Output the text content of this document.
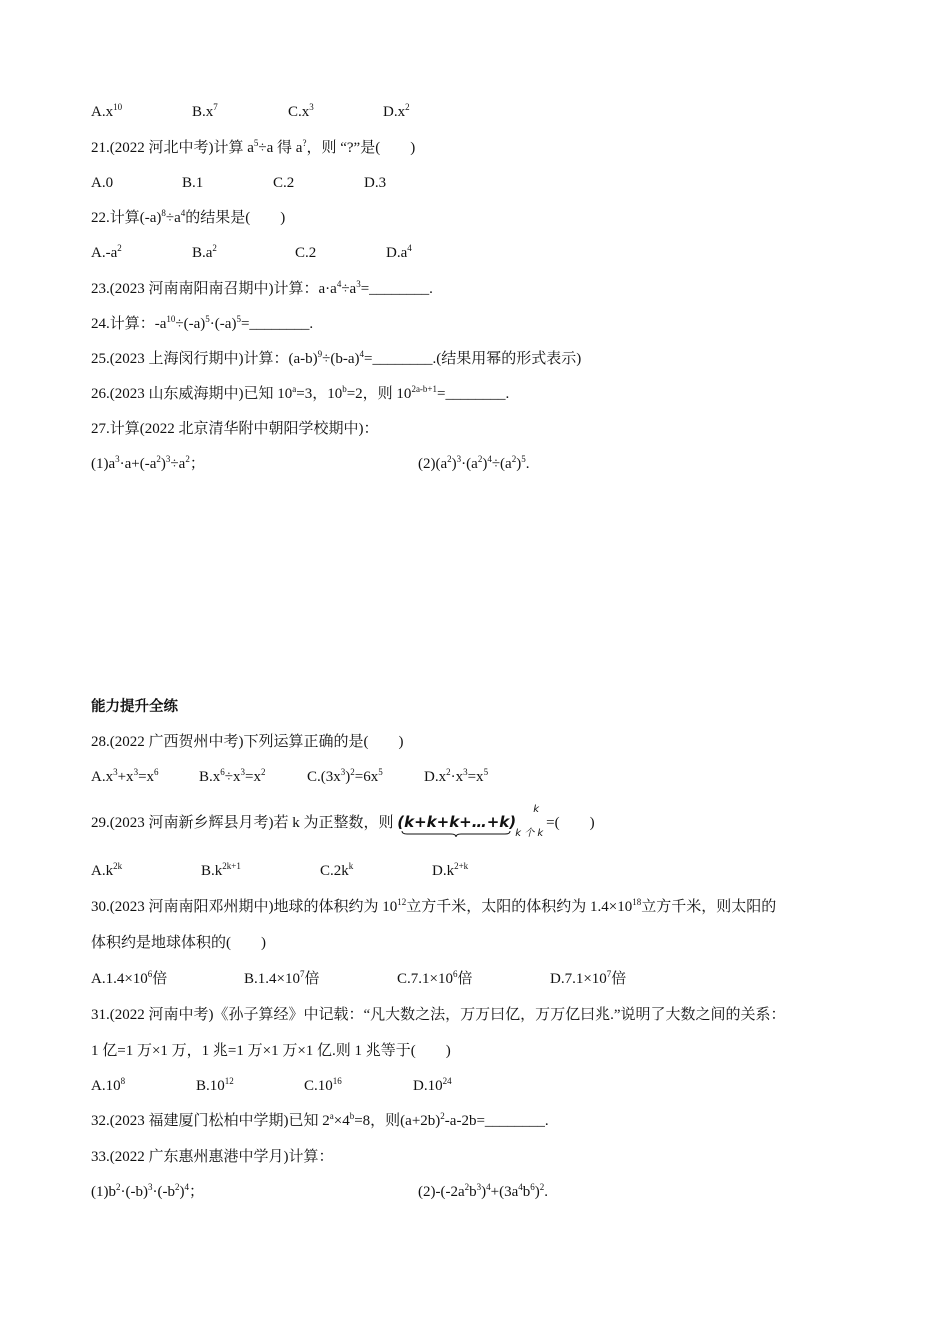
$A.x^{10}$	$B.x^7$	$C.x^3$	$D.x^2$
21.(2022 河北中考)计算 $a^5\div a$ 得 a?，则 “?”是(　　)
A.0	B.1	C.2	D.3
22.计算$(-a)^8\div a^4$的结果是(　　)
$A.-a^2$	$B.a^2$	C.2	$D.a^4$
23.(2023 河南南阳南召期中)计算：$a\cdot a^4\div a^3=\_\_\_\_\_\_\_\_$.
24.计算：$-a^{10}\div(-a)^5\cdot(-a)^5=\_\_\_\_\_\_\_\_$.
25.(2023 上海闵行期中)计算：$(a-b)^9\div(b-a)^4=\_\_\_\_\_\_\_\_$.(结果用幂的形式表示)
26.(2023 山东威海期中)已知 $10^a=3$，$10^b=2$，则 $10^{2a-b+1}=\_\_\_\_\_\_\_\_$.
27.计算(2022 北京清华附中朝阳学校期中)：
$(1)a^3\cdot a+(-a^2)^3\div a^2$；	$(2)(a^2)^3\cdot(a^2)^4\div(a^2)^5$.
能力提升全练
28.(2022 广西贺州中考)下列运算正确的是(　　)
$A.x^3+x^3=x^6$	$B.x^6\div x^3=x^2$	$C.(3x^3)^2=6x^5$	$D.x^2\cdot x^3=x^5$
29.(2023 河南新乡辉县月考)若 k 为正整数，则 (k+k+k+…+k)
k 个 k
k
=(　　)
$A.k^{2k}$	$B.k^{2k+1}$	$C.2k^k$	$D.k^{2+k}$
30.(2023 河南南阳邓州期中)地球的体积约为 $10^{12}$立方千米，太阳的体积约为 $1.4\times 10^{18}$立方千米，则太阳的
体积约是地球体积的(　　)
$A.1.4\times 10^6$倍	$B.1.4\times 10^7$倍	$C.7.1\times 10^6$倍	$D.7.1\times 10^7$倍
31.(2022 河南中考)《孙子算经》中记载：“凡大数之法，万万曰亿，万万亿曰兆.”说明了大数之间的关系：
1 亿=1 万×1 万，1 兆=1 万×1 万×1 亿.则 1 兆等于(　　)
$A.10^8$	$B.10^{12}$	$C.10^{16}$	$D.10^{24}$
32.(2023 福建厦门松柏中学期)已知 $2^a\times 4^b=8$，则$(a+2b)^2-a-2b=\_\_\_\_\_\_\_\_$.
33.(2022 广东惠州惠港中学月)计算：
$(1)b^2\cdot(-b)^3\cdot(-b^2)^4$；	$(2)-(-2a^2b^3)^4+(3a^4b^6)^2$.
